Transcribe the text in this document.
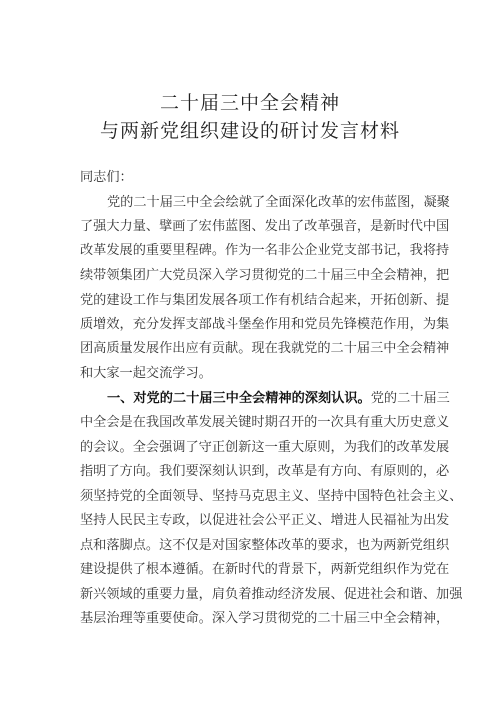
二十届三中全会精神
与两新党组织建设的研讨发言材料
同志们：
党的二十届三中全会绘就了全面深化改革的宏伟蓝图，凝聚
了强大力量、擘画了宏伟蓝图、发出了改革强音，是新时代中国
改革发展的重要里程碑。作为一名非公企业党支部书记，我将持
续带领集团广大党员深入学习贯彻党的二十届三中全会精神，把
党的建设工作与集团发展各项工作有机结合起来，开拓创新、提
质增效，充分发挥支部战斗堡垒作用和党员先锋模范作用，为集
团高质量发展作出应有贡献。现在我就党的二十届三中全会精神
和大家一起交流学习。
一、对党的二十届三中全会精神的深刻认识。党的二十届三
中全会是在我国改革发展关键时期召开的一次具有重大历史意义
的会议。全会强调了守正创新这一重大原则，为我们的改革发展
指明了方向。我们要深刻认识到，改革是有方向、有原则的，必
须坚持党的全面领导、坚持马克思主义、坚持中国特色社会主义、
坚持人民民主专政，以促进社会公平正义、增进人民福祉为出发
点和落脚点。这不仅是对国家整体改革的要求，也为两新党组织
建设提供了根本遵循。在新时代的背景下，两新党组织作为党在
新兴领域的重要力量，肩负着推动经济发展、促进社会和谐、加强
基层治理等重要使命。深入学习贯彻党的二十届三中全会精神，
